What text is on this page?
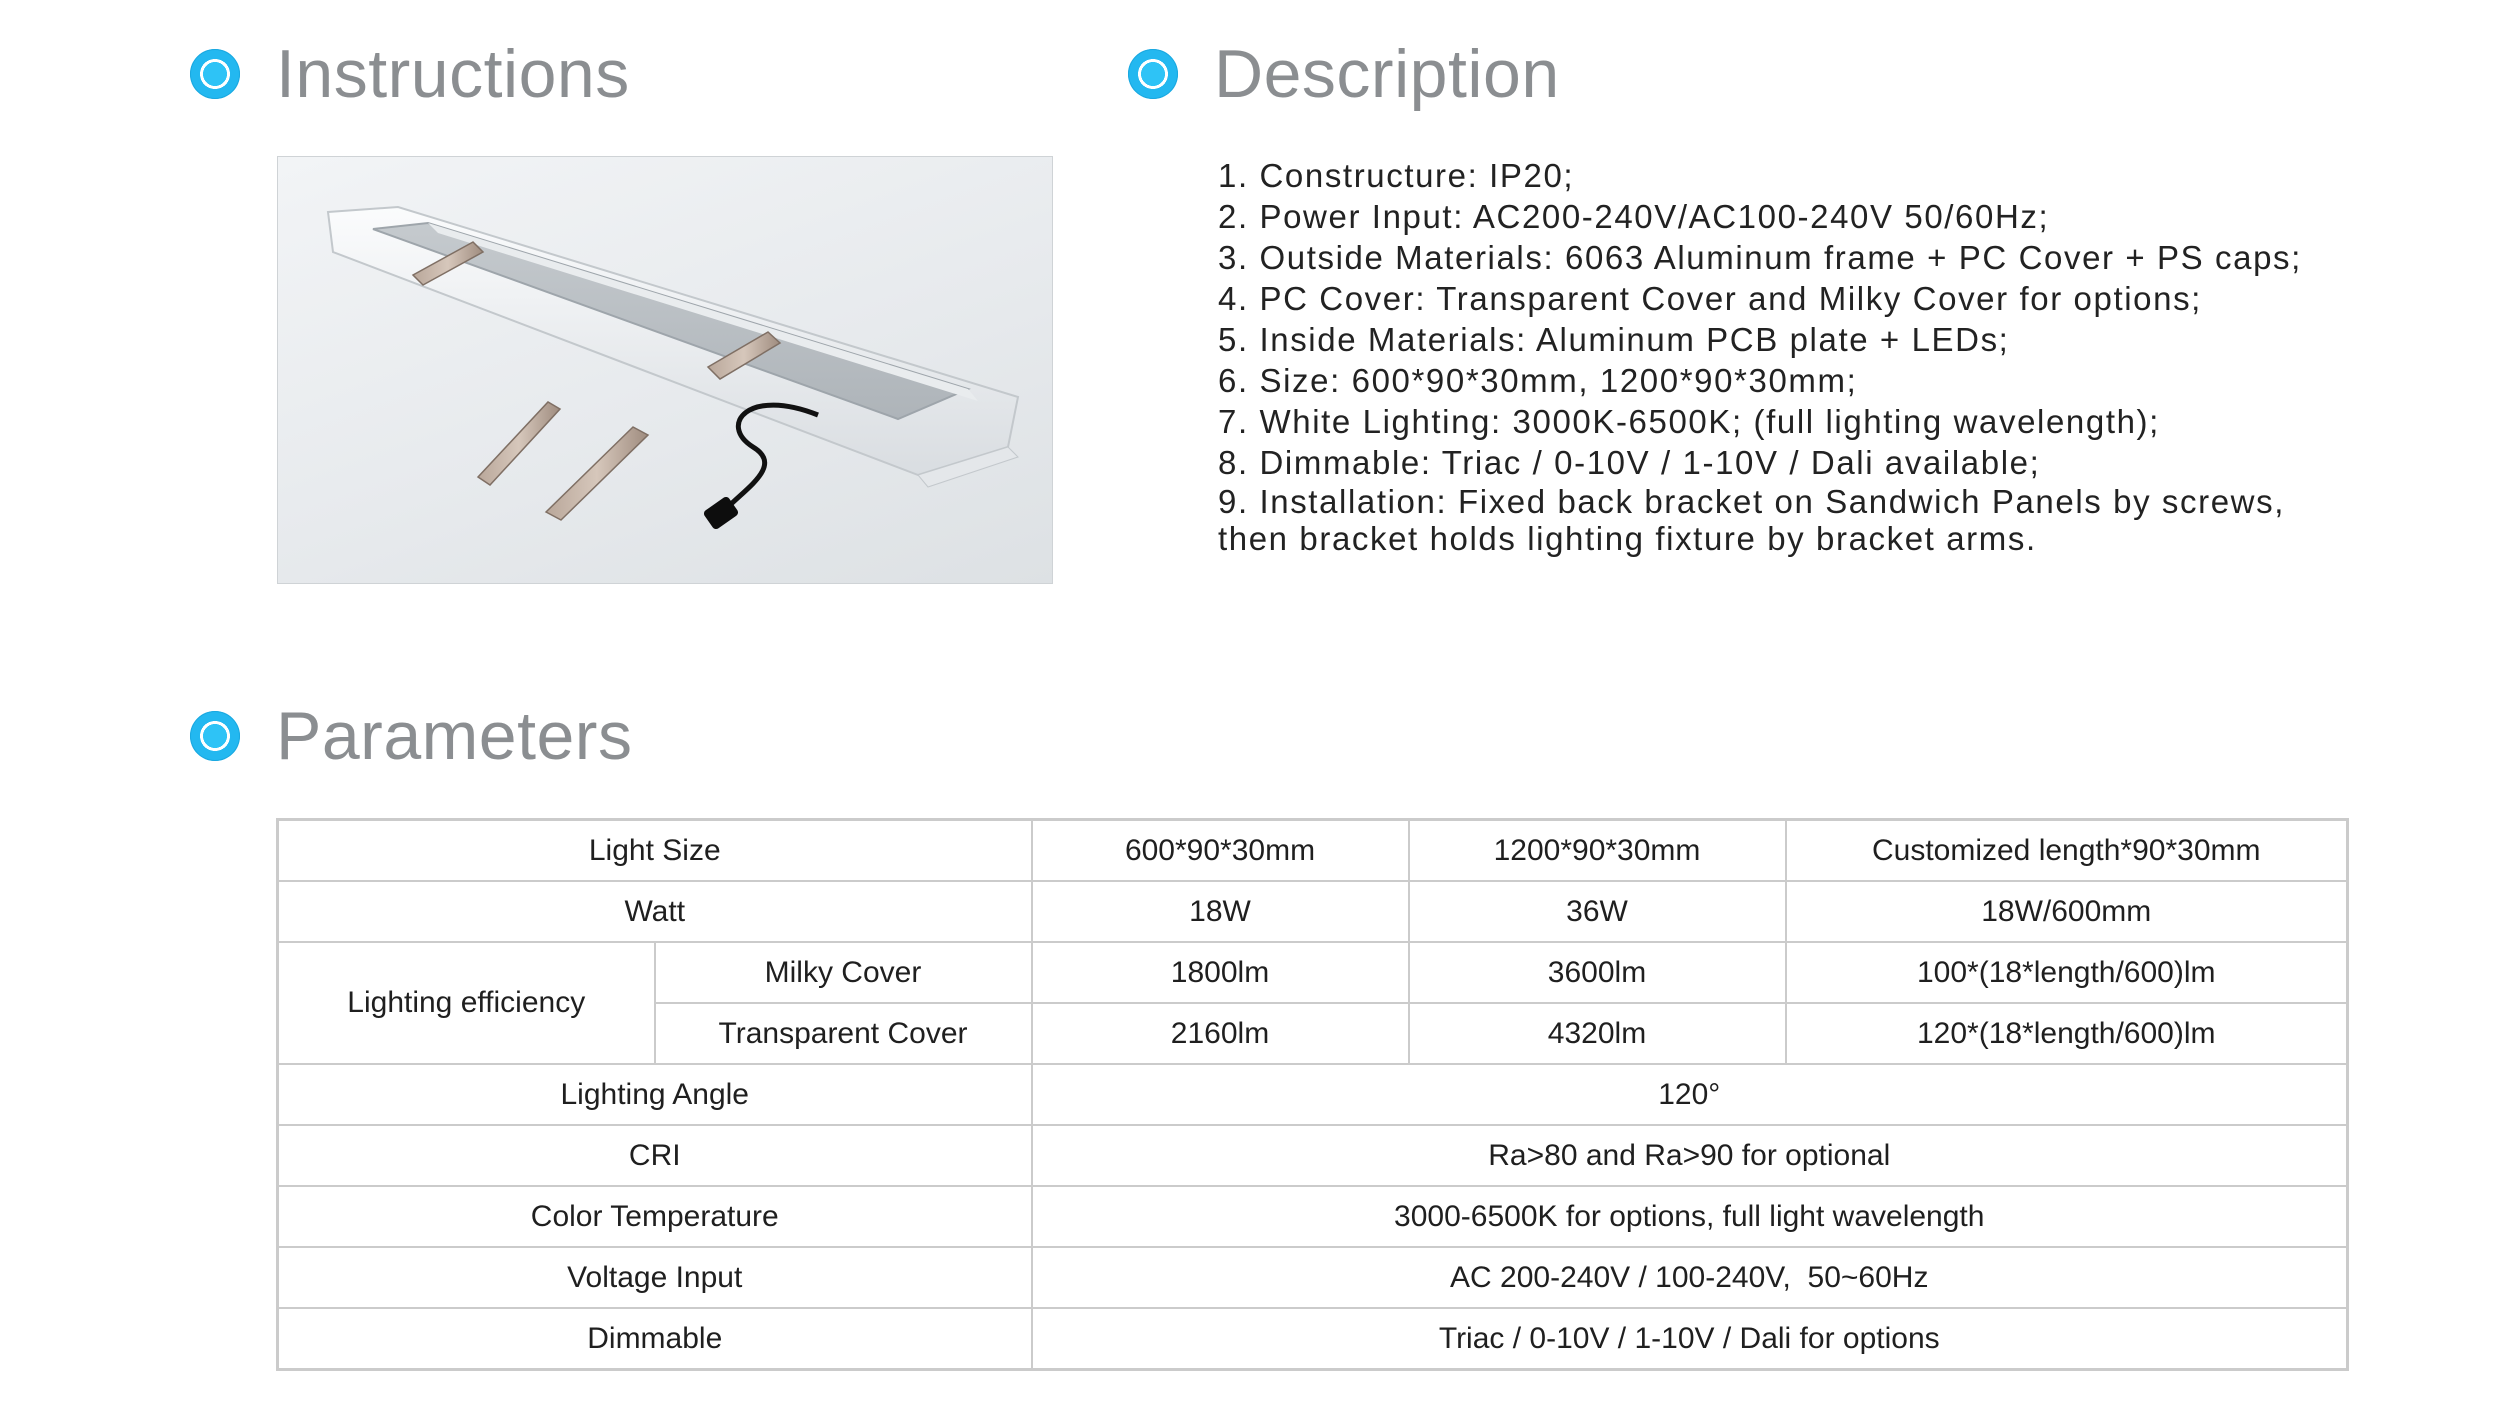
Instructions	Description
Parameters
1. Constructure: IP20;
2. Power Input: AC200-240V/AC100-240V 50/60Hz;
3. Outside Materials: 6063 Aluminum frame + PC Cover + PS caps;
4. PC Cover: Transparent Cover and Milky Cover for options;
5. Inside Materials: Aluminum PCB plate + LEDs;
6. Size: 600*90*30mm, 1200*90*30mm;
7. White Lighting: 3000K-6500K; (full lighting wavelength);
8. Dimmable: Triac / 0-10V / 1-10V / Dali available;
9. Installation: Fixed back bracket on Sandwich Panels by screws,
then bracket holds lighting fixture by bracket arms.
Light Size		600*90*30mm	1200*90*30mm	Customized length*90*30mm
Watt		18W	36W	18W/600mm
Lighting efficiency	Milky Cover	1800lm	3600lm	100*(18*length/600)lm
	Transparent Cover	2160lm	4320lm	120*(18*length/600)lm
Lighting Angle		120°		
CRI		Ra>80 and Ra>90 for optional		
Color Temperature		3000-6500K for options, full light wavelength		
Voltage Input		AC 200-240V / 100-240V,  50~60Hz		
Dimmable		Triac / 0-10V / 1-10V / Dali for options		
